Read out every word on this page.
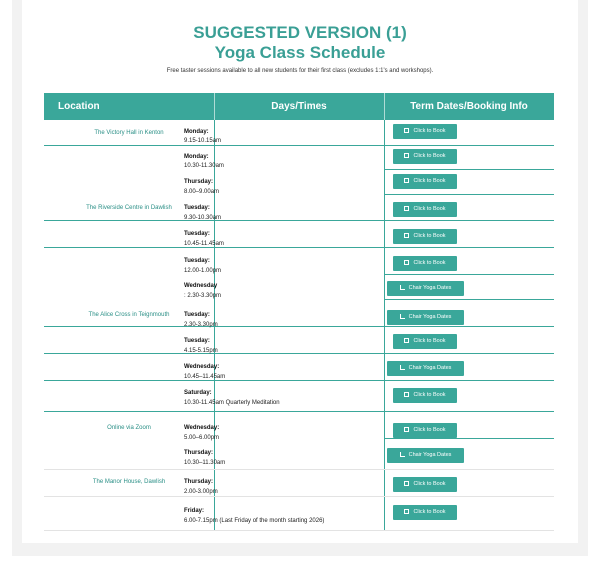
SUGGESTED VERSION (1)
Yoga Class Schedule
Free taster sessions available to all new students for their first class (excludes 1:1's and workshops).
Location	Days/Times	Term Dates/Booking Info
The Victory Hall in Kenton
The Riverside Centre in Dawlish
The Alice Cross in Teignmouth
Online via Zoom
The Manor House, Dawlish
Monday:
9.15-10.15am
Monday:
10.30-11.30am
Thursday:
8.00–9.00am
Tuesday:
9.30-10.30am
Tuesday:
10.45-11.45am
Tuesday:
12.00-1.00pm
Wednesday
: 2.30-3.30pm
Tuesday:
2.30-3.30pm
Tuesday:
4.15-5.15pm
Wednesday:
10.45–11.45am
Saturday:
10.30-11.45am Quarterly Meditation
Wednesday:
5.00–6.00pm
Thursday:
10.30–11.30am
Thursday:
2.00-3.00pm
Friday:
6.00-7.15pm (Last Friday of the month starting 2026)
Click to Book
Click to Book
Click to Book
Click to Book
Click to Book
Click to Book
Chair Yoga Dates
Chair Yoga Dates
Click to Book
Chair Yoga Dates
Click to Book
Click to Book
Chair Yoga Dates
Click to Book
Click to Book
